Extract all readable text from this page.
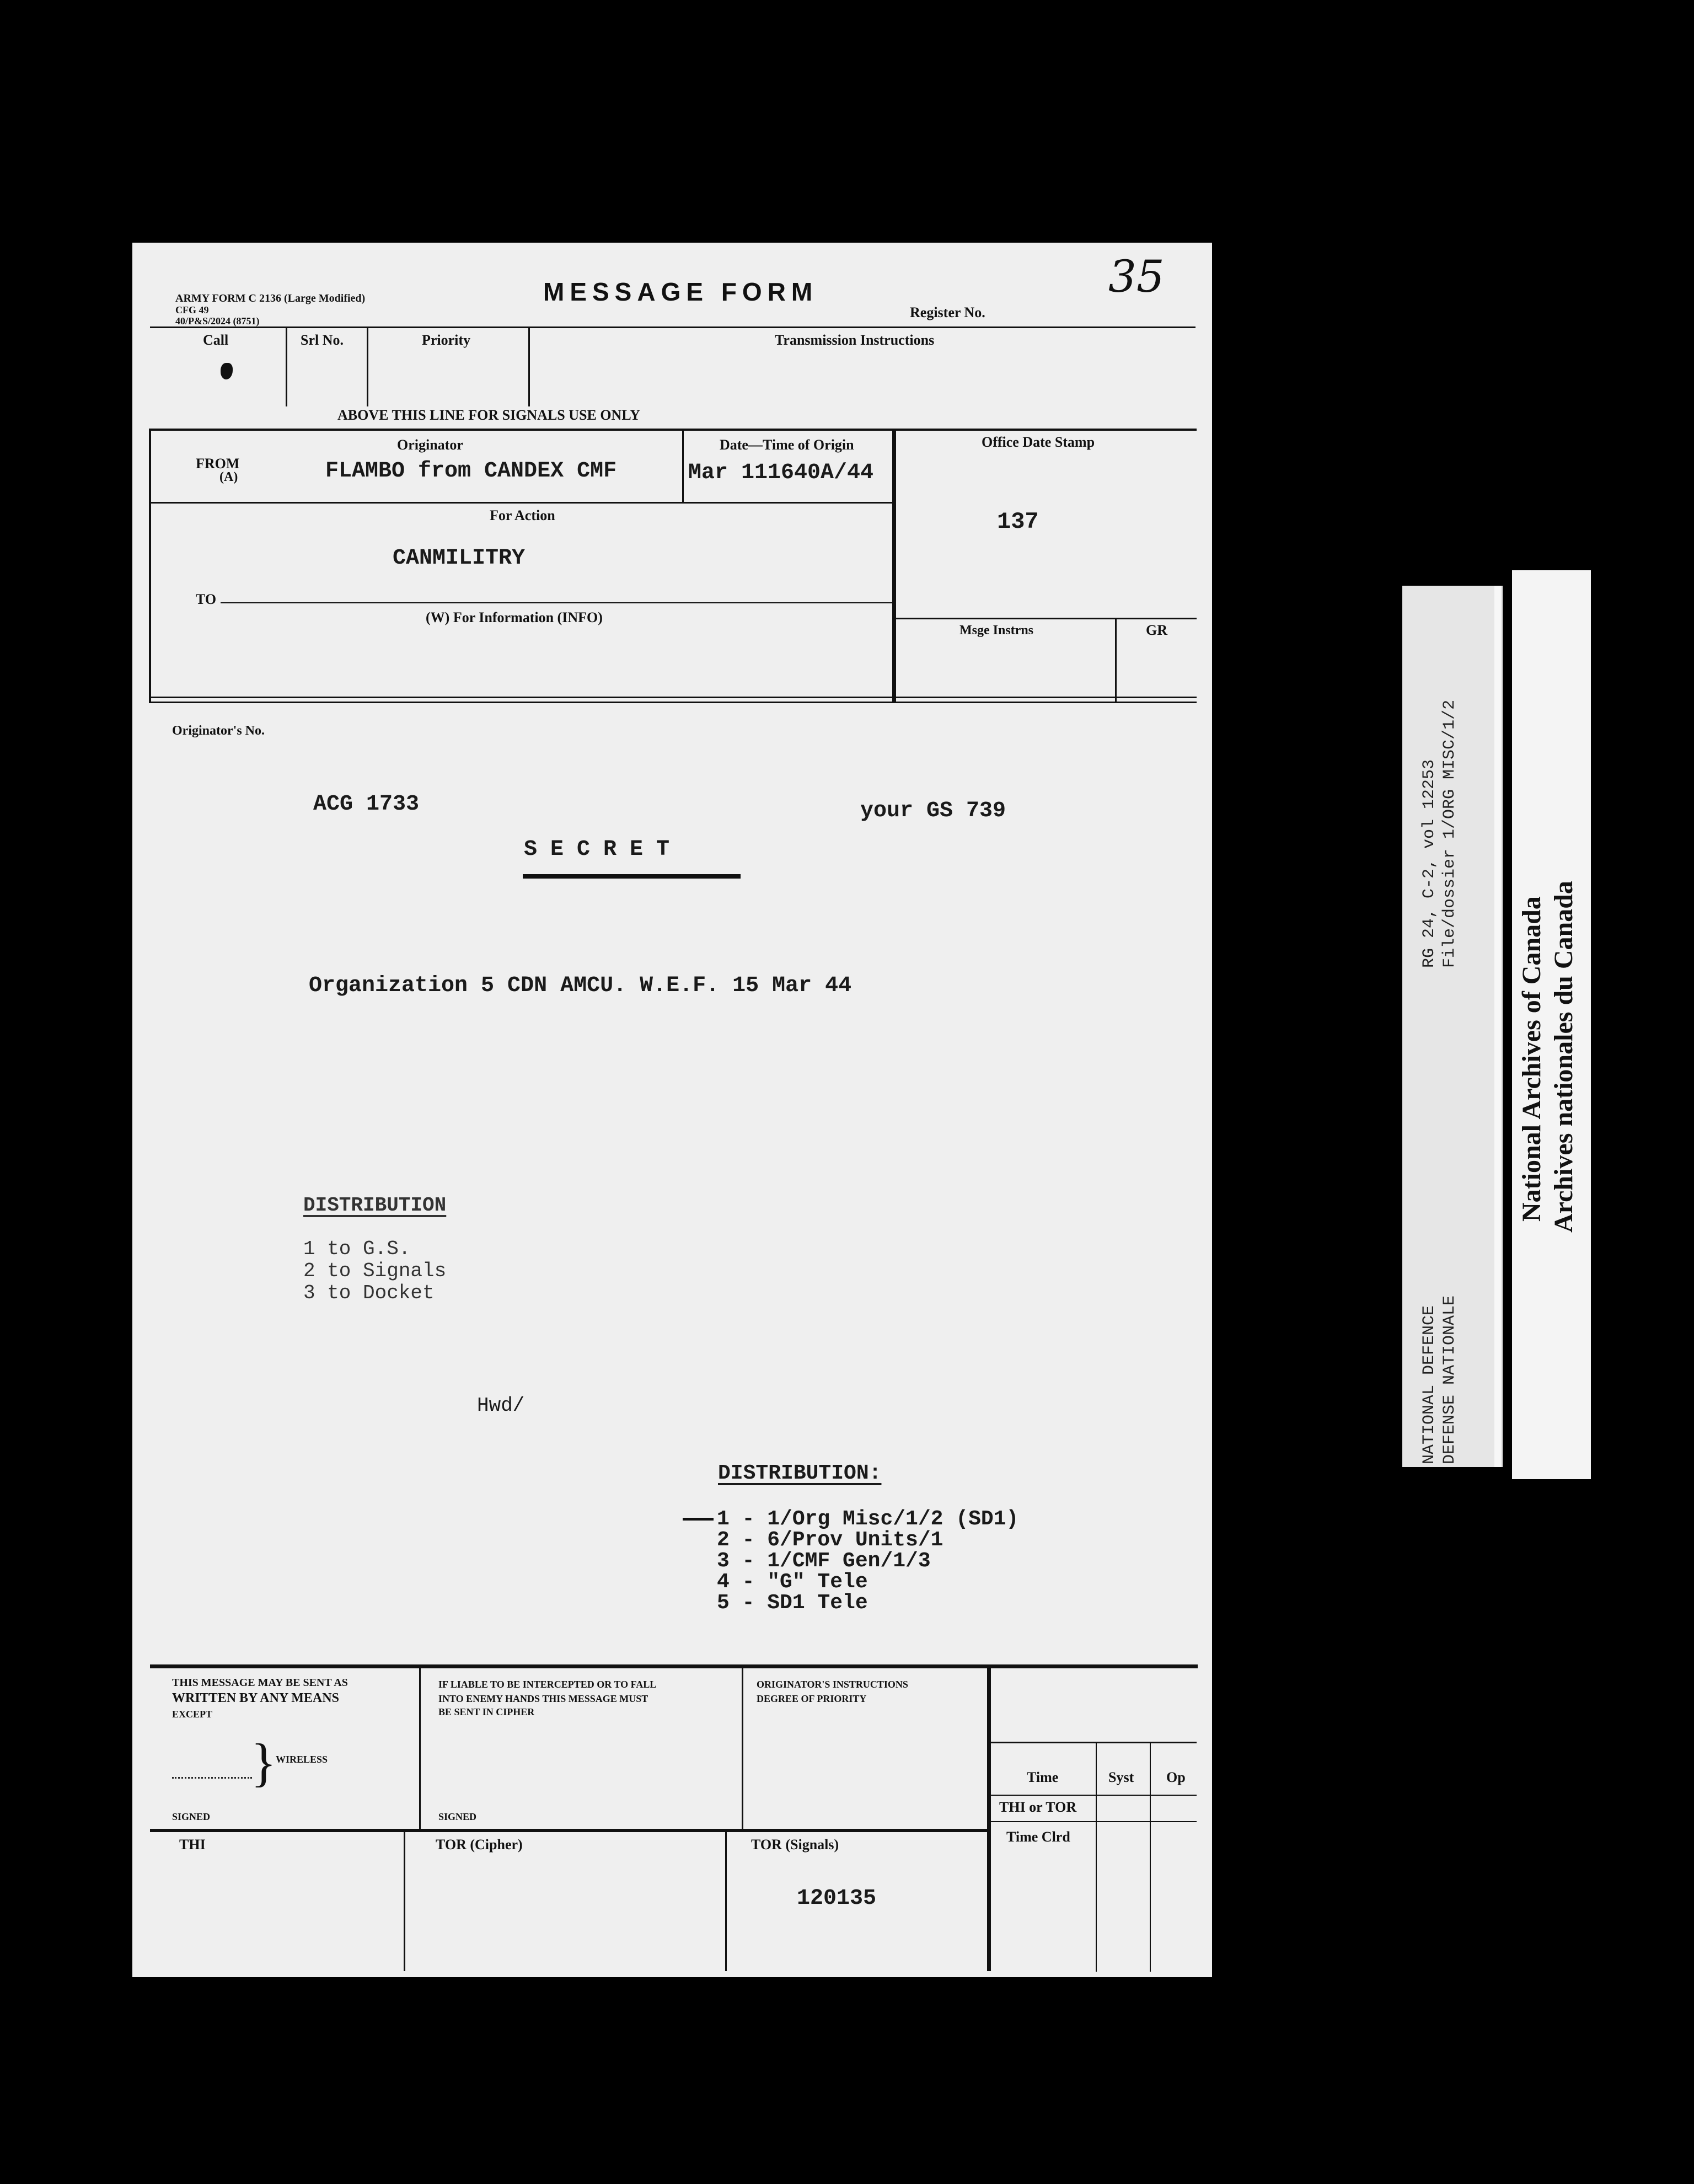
35
ARMY FORM C 2136 (Large Modified)
CFG 49
40/P&S/2024 (8751)
MESSAGE FORM
Register No.
Call	Srl No.	Priority	Transmission Instructions
ABOVE THIS LINE FOR SIGNALS USE ONLY
FROM
(A)
Originator
FLAMBO from CANDEX CMF
Date—Time of Origin
Mar 111640A/44
Office Date Stamp
137
For Action
CANMILITRY
TO
(W) For Information (INFO)
Msge Instrns	GR
Originator's No.
ACG 1733	your GS 739
S E C R E T
Organization 5 CDN AMCU. W.E.F. 15 Mar 44
DISTRIBUTION
1 to G.S.
2 to Signals
3 to Docket
Hwd/
DISTRIBUTION:
1 - 1/Org Misc/1/2 (SD1)
2 - 6/Prov Units/1
3 - 1/CMF Gen/1/3
4 - "G" Tele
5 - SD1 Tele
THIS MESSAGE MAY BE SENT AS
WRITTEN BY ANY MEANS
EXCEPT
}
WIRELESS
SIGNED
IF LIABLE TO BE INTERCEPTED OR TO FALL
INTO ENEMY HANDS THIS MESSAGE MUST
BE SENT IN CIPHER
SIGNED
ORIGINATOR'S INSTRUCTIONS
DEGREE OF PRIORITY
Time	Syst Op
THI or TOR
Time Clrd
THI	TOR (Cipher)	TOR (Signals)
120135
RG 24, C-2, vol 12253 File/dossier 1/ORG MISC/1/2
NATIONAL DEFENCE DEFENSE NATIONALE
National Archives of Canada Archives nationales du Canada
